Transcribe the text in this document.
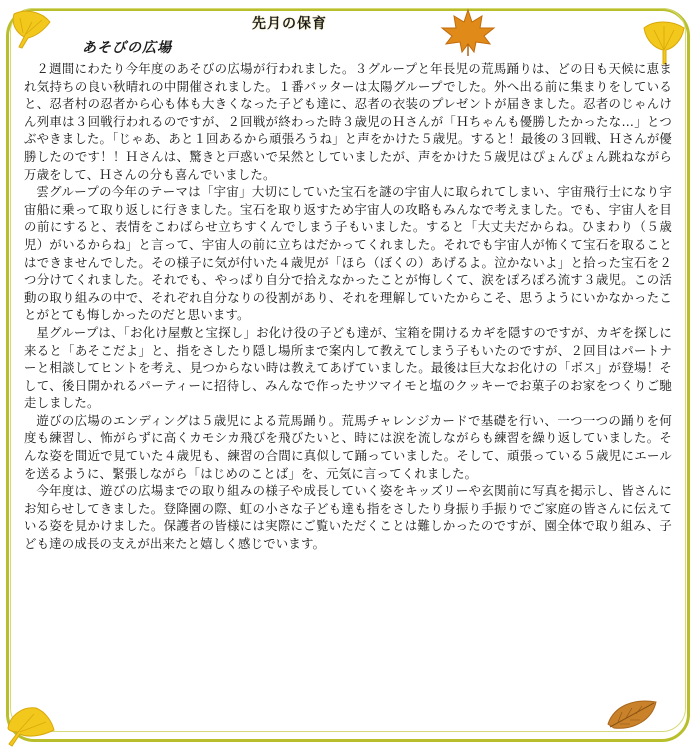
先月の保育
あそびの広場

２週間にわたり今年度のあそびの広場が行われました。３グループと年長児の荒馬踊りは、どの日も天候に恵まれ気持ちの良い秋晴れの中開催されました。１番バッターは太陽グループでした。外へ出る前に集まりをしていると、忍者村の忍者から心も体も大きくなった子ども達に、忍者の衣装のプレゼントが届きました。忍者のじゃんけん列車は３回戦行われるのですが、２回戦が終わった時３歳児のＨさんが「Ｈちゃんも優勝したかったな…」とつぶやきました。「じゃあ、あと１回あるから頑張ろうね」と声をかけた５歳児。すると！最後の３回戦、Ｈさんが優勝したのです！！Ｈさんは、驚きと戸惑いで呆然としていましたが、声をかけた５歳児はぴょんぴょん跳ねながら万歳をして、Ｈさんの分も喜んでいました。

雲グループの今年のテーマは「宇宙」大切にしていた宝石を謎の宇宙人に取られてしまい、宇宙飛行士になり宇宙船に乗って取り返しに行きました。宝石を取り返すため宇宙人の攻略もみんなで考えました。でも、宇宙人を目の前にすると、表情をこわばらせ立ちすくんでしまう子もいました。すると「大丈夫だからね。ひまわり（５歳児）がいるからね」と言って、宇宙人の前に立ちはだかってくれました。それでも宇宙人が怖くて宝石を取ることはできませんでした。その様子に気が付いた４歳児が「ほら（ぼくの）あげるよ。泣かないよ」と拾った宝石を２つ分けてくれました。それでも、やっぱり自分で拾えなかったことが悔しくて、涙をぽろぽろ流す３歳児。この活動の取り組みの中で、それぞれ自分なりの役割があり、それを理解していたからこそ、思うようにいかなかったことがとても悔しかったのだと思います。

星グループは、「お化け屋敷と宝探し」お化け役の子ども達が、宝箱を開けるカギを隠すのですが、カギを探しに来ると「あそこだよ」と、指をさしたり隠し場所まで案内して教えてしまう子もいたのですが、２回目はパートナーと相談してヒントを考え、見つからない時は教えてあげていました。最後は巨大なお化けの「ボス」が登場！そして、後日開かれるパーティーに招待し、みんなで作ったサツマイモと塩のクッキーでお菓子のお家をつくりご馳走しました。

遊びの広場のエンディングは５歳児による荒馬踊り。荒馬チャレンジカードで基礎を行い、一つ一つの踊りを何度も練習し、怖がらずに高くカモシカ飛びを飛びたいと、時には涙を流しながらも練習を繰り返していました。そんな姿を間近で見ていた４歳児も、練習の合間に真似して踊っていました。そして、頑張っている５歳児にエールを送るように、緊張しながら「はじめのことば」を、元気に言ってくれました。

今年度は、遊びの広場までの取り組みの様子や成長していく姿をキッズリーや玄関前に写真を掲示し、皆さんにお知らせしてきました。登降園の際、虹の小さな子ども達も指をさしたり身振り手振りでご家庭の皆さんに伝えている姿を見かけました。保護者の皆様には実際にご覧いただくことは難しかったのですが、園全体で取り組み、子ども達の成長の支えが出来たと嬉しく感じでいます。
